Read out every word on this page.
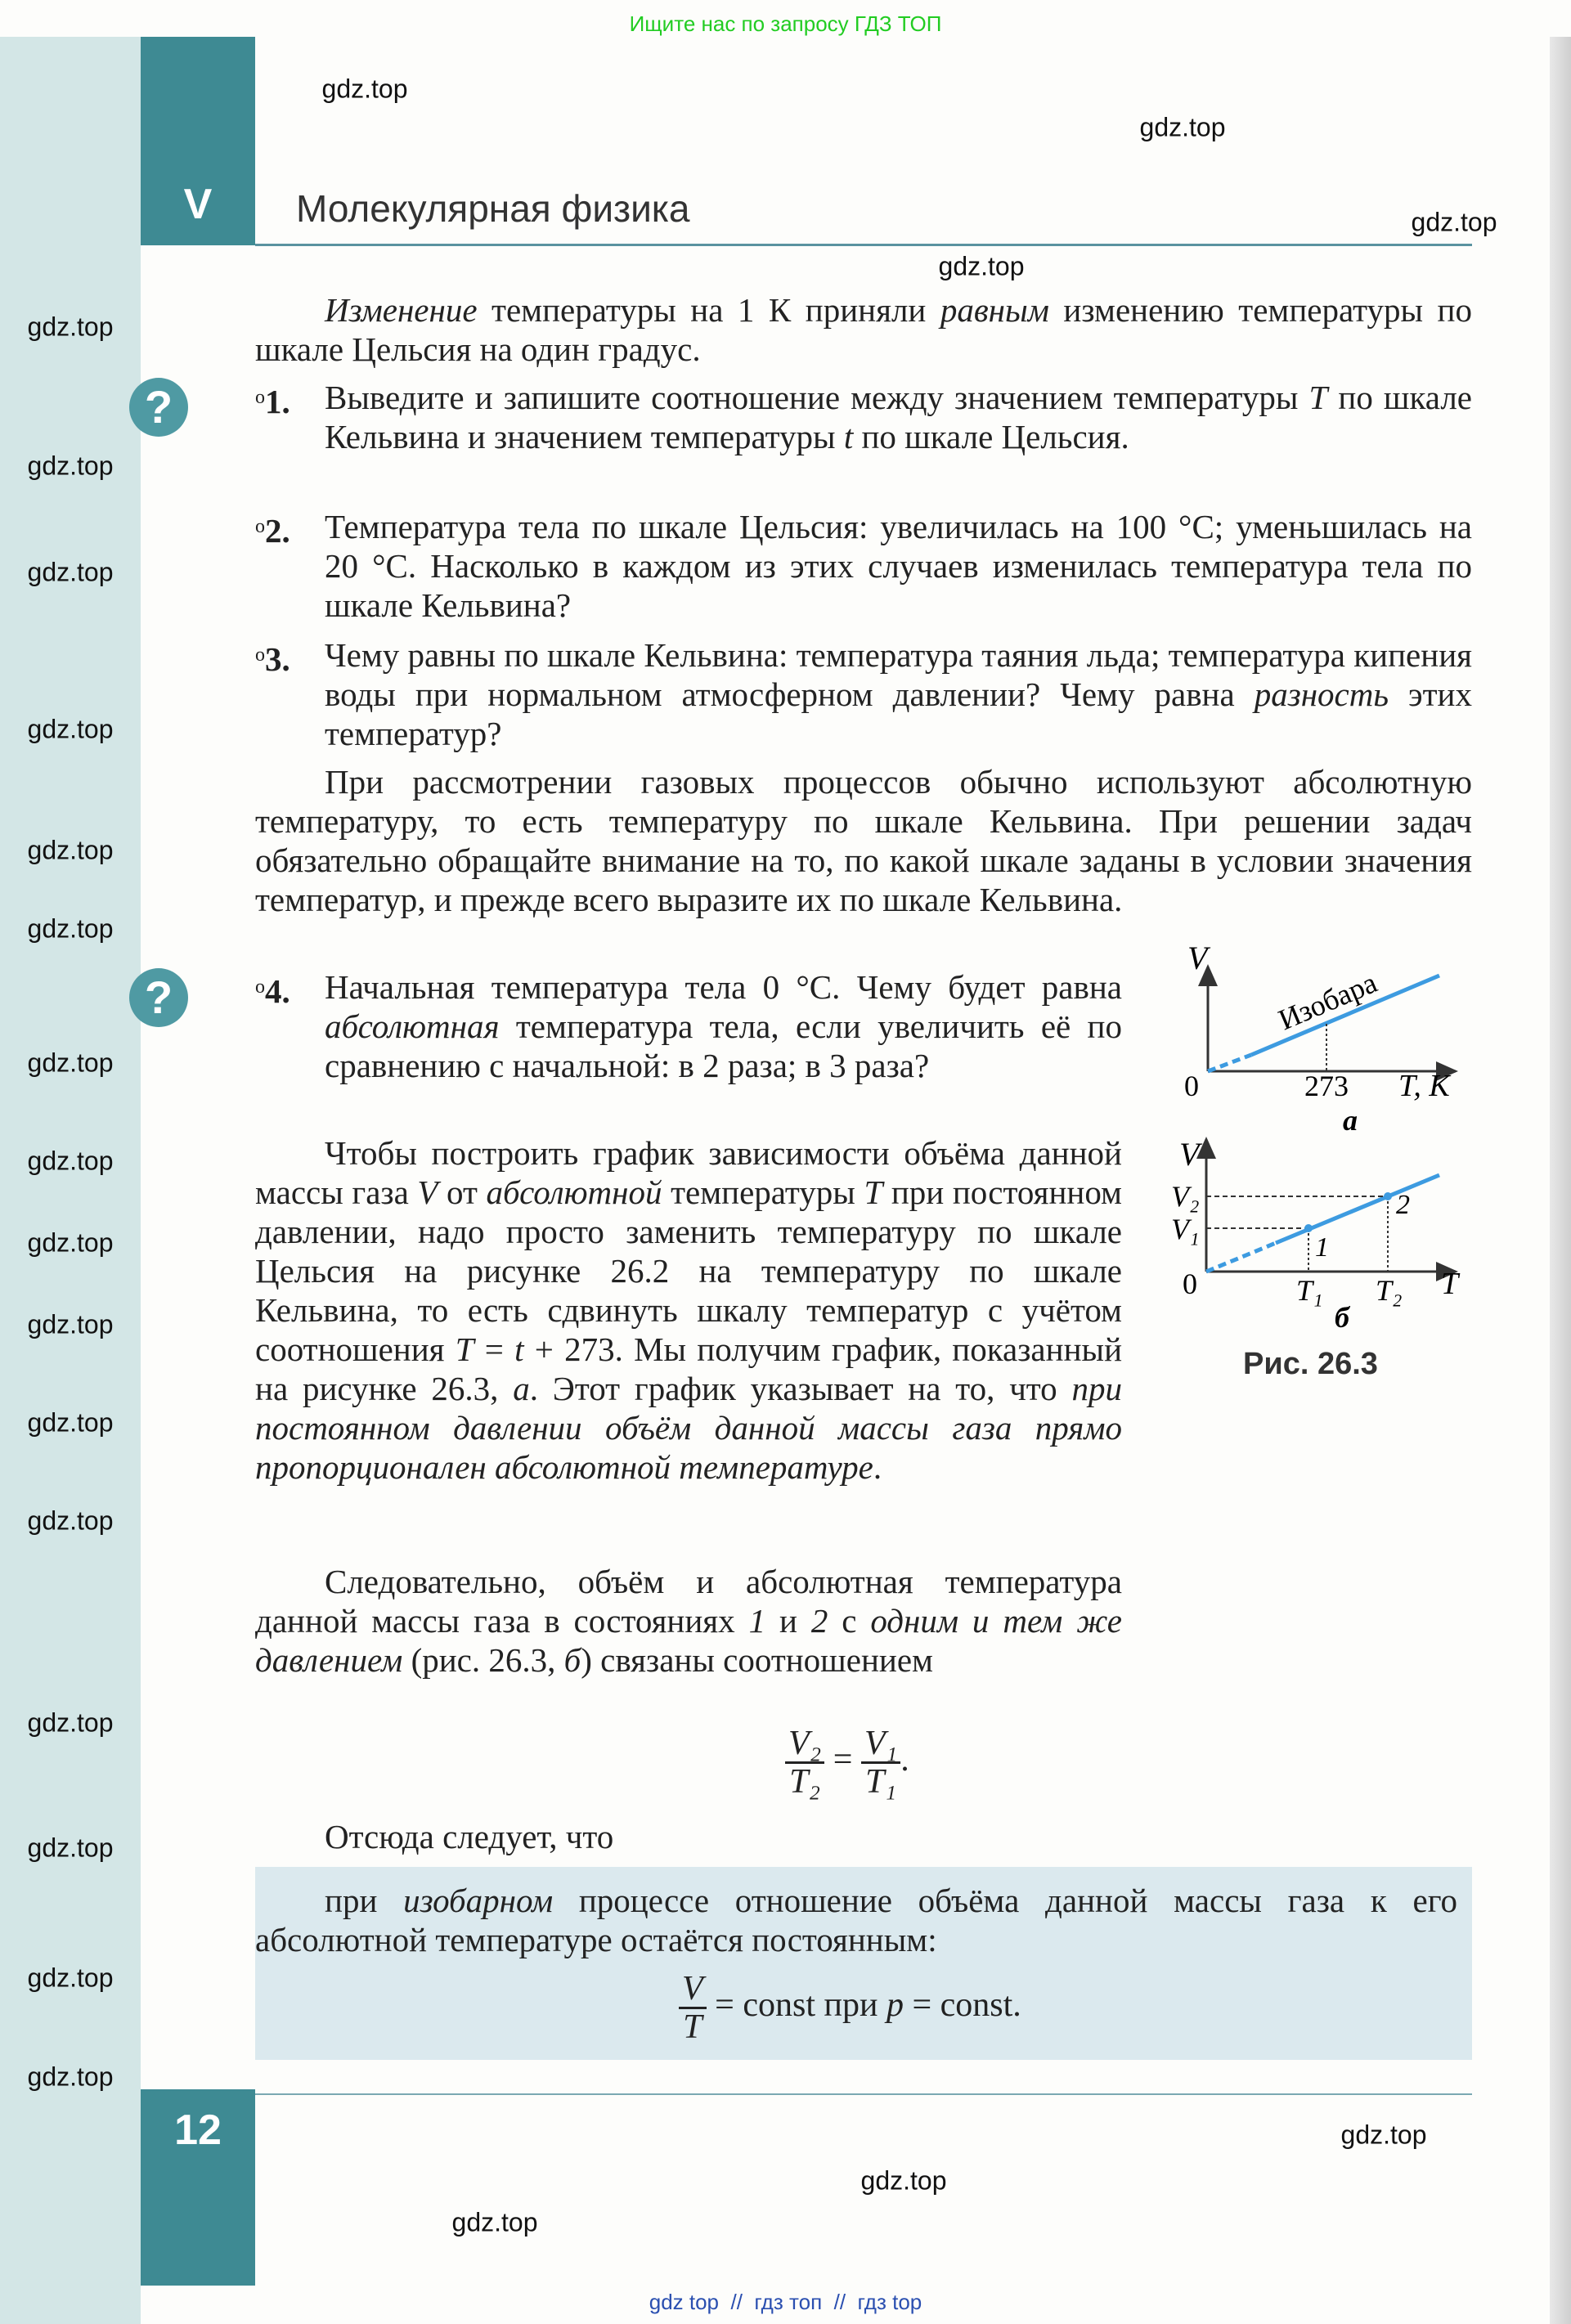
Ищите нас по запросу ГДЗ ТОП
V	Молекулярная физика
?
?
Изменение температуры на 1 К приняли равным изменению температуры по шкале Цельсия на один градус.
$^о$1. Выведите и запишите соотношение между значением температуры T по шкале Кельвина и значением температуры t по шкале Цельсия.
$^о$2. Температура тела по шкале Цельсия: увеличилась на 100 °С; уменьшилась на 20 °С. Насколько в каждом из этих случаев изменилась температура тела по шкале Кельвина?
$^о$3. Чему равны по шкале Кельвина: температура таяния льда; температура кипения воды при нормальном атмосферном давлении? Чему равна разность этих температур?
При рассмотрении газовых процессов обычно используют абсолютную температуру, то есть температуру по шкале Кельвина. При решении задач обязательно обращайте внимание на то, по какой шкале заданы в условии значения температур, и прежде всего выразите их по шкале Кельвина.
$^о$4. Начальная температура тела 0 °С. Чему будет равна абсолютная температура тела, если увеличить её по сравнению с начальной: в 2 раза; в 3 раза?
Чтобы построить график зависимости объёма данной массы газа V от абсолютной температуры T при постоянном давлении, надо просто заменить температуру по шкале Цельсия на рисунке 26.2 на температуру по шкале Кельвина, то есть сдвинуть шкалу температур с учётом соотношения T = t + 273. Мы получим график, показанный на рисунке 26.3, а. Этот график указывает на то, что при постоянном давлении объём данной массы газа прямо пропорционален абсолютной температуре.
Следовательно, объём и абсолютная температура данной массы газа в состояниях 1 и 2 с одним и тем же давлением (рис. 26.3, б) связаны соотношением
$\frac{\text{V₂}}{\text{T₂}} = \frac{\text{V₁}}{\text{T₁}}$ .
Отсюда следует, что
при изобарном процессе отношение объёма данной массы газа к его абсолютной температуре остаётся постоянным:
$\frac{V}{T}$ = const при p = const.
V
0	273 T, К
Изобара
а
V
V₂
V₁
0	T₁ T₂ T
1
2
б
Рис. 26.3
12
gdz.top
gdz.top
gdz.top
gdz.top
gdz.top
gdz.top
gdz.top
gdz.top
gdz.top
gdz.top
gdz.top
gdz.top
gdz.top
gdz.top
gdz.top
gdz.top
gdz.top
gdz.top
gdz.top
gdz.top
gdz.top
gdz.top
gdz.top
gdz top  //  гдз топ  //  гдз top
